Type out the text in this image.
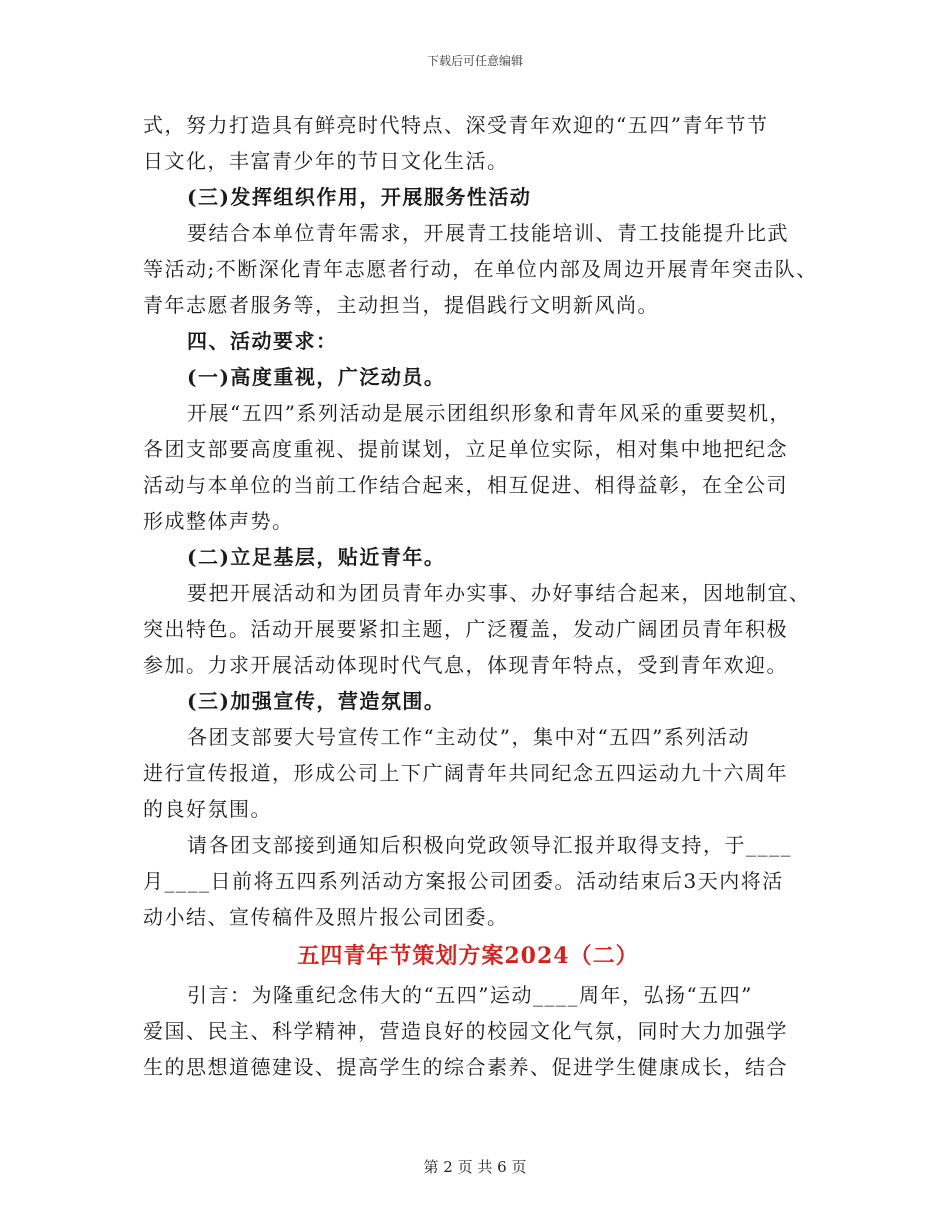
下载后可任意编辑
式，努力打造具有鲜亮时代特点、深受青年欢迎的“五四”青年节节
日文化，丰富青少年的节日文化生活。
(三)发挥组织作用，开展服务性活动
要结合本单位青年需求，开展青工技能培训、青工技能提升比武
等活动;不断深化青年志愿者行动，在单位内部及周边开展青年突击队、
青年志愿者服务等，主动担当，提倡践行文明新风尚。
四、活动要求：
(一)高度重视，广泛动员。
开展“五四”系列活动是展示团组织形象和青年风采的重要契机，
各团支部要高度重视、提前谋划，立足单位实际，相对集中地把纪念
活动与本单位的当前工作结合起来，相互促进、相得益彰，在全公司
形成整体声势。
(二)立足基层，贴近青年。
要把开展活动和为团员青年办实事、办好事结合起来，因地制宜、
突出特色。活动开展要紧扣主题，广泛覆盖，发动广阔团员青年积极
参加。力求开展活动体现时代气息，体现青年特点，受到青年欢迎。
(三)加强宣传，营造氛围。
各团支部要大号宣传工作“主动仗”，集中对“五四”系列活动
进行宣传报道，形成公司上下广阔青年共同纪念五四运动九十六周年
的良好氛围。
请各团支部接到通知后积极向党政领导汇报并取得支持，于____
月____日前将五四系列活动方案报公司团委。活动结束后3天内将活
动小结、宣传稿件及照片报公司团委。
五四青年节策划方案2024（二）
引言：为隆重纪念伟大的“五四”运动____周年，弘扬“五四”
爱国、民主、科学精神，营造良好的校园文化气氛，同时大力加强学
生的思想道德建设、提高学生的综合素养、促进学生健康成长，结合
第 2 页 共 6 页
